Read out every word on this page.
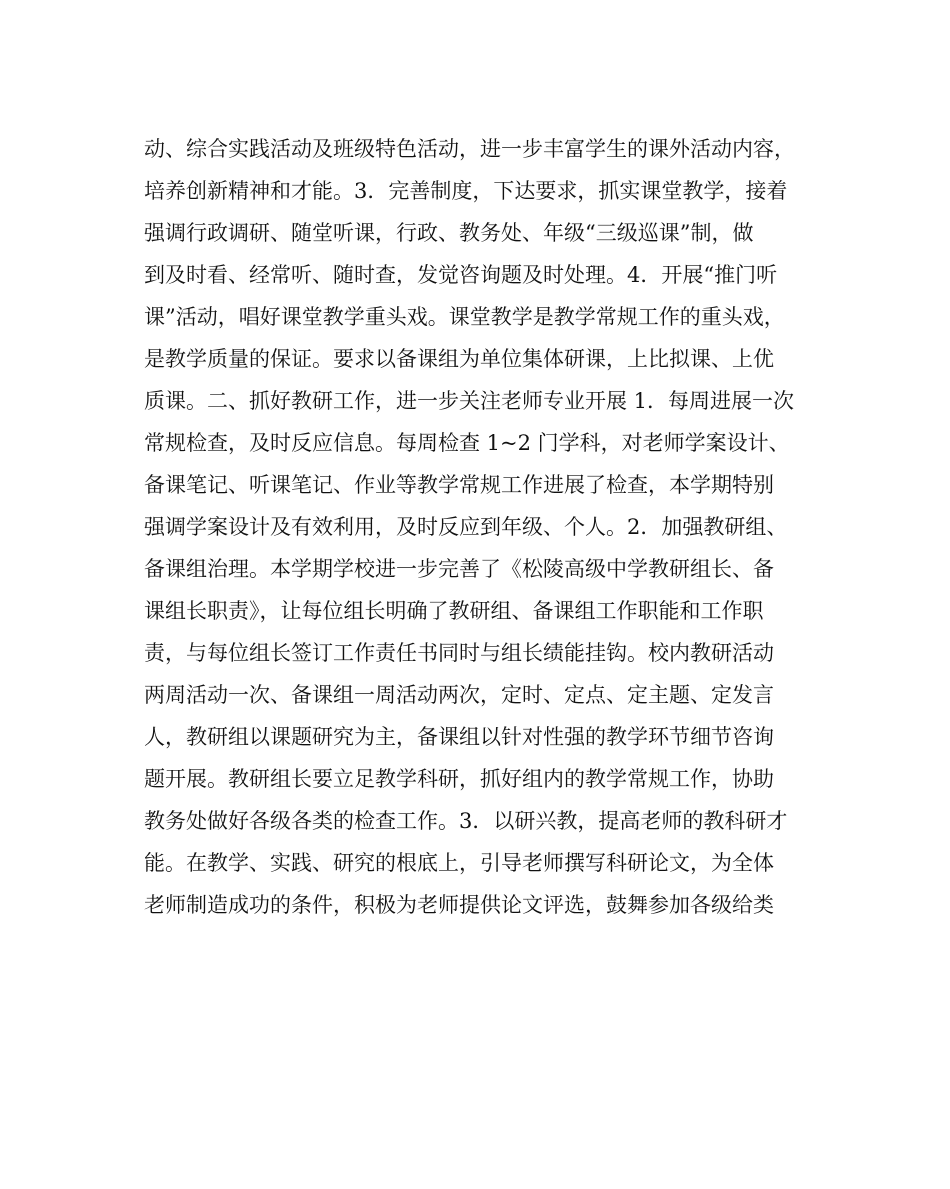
动、综合实践活动及班级特色活动，进一步丰富学生的课外活动内容，
培养创新精神和才能。3．完善制度，下达要求，抓实课堂教学，接着
强调行政调研、随堂听课，行政、教务处、年级“三级巡课”制，做
到及时看、经常听、随时查，发觉咨询题及时处理。4．开展“推门听
课”活动，唱好课堂教学重头戏。课堂教学是教学常规工作的重头戏，
是教学质量的保证。要求以备课组为单位集体研课，上比拟课、上优
质课。二、抓好教研工作，进一步关注老师专业开展 1．每周进展一次
常规检查，及时反应信息。每周检查 1~2 门学科，对老师学案设计、
备课笔记、听课笔记、作业等教学常规工作进展了检查，本学期特别
强调学案设计及有效利用，及时反应到年级、个人。2．加强教研组、
备课组治理。本学期学校进一步完善了《松陵高级中学教研组长、备
课组长职责》，让每位组长明确了教研组、备课组工作职能和工作职
责，与每位组长签订工作责任书同时与组长绩能挂钩。校内教研活动
两周活动一次、备课组一周活动两次，定时、定点、定主题、定发言
人，教研组以课题研究为主，备课组以针对性强的教学环节细节咨询
题开展。教研组长要立足教学科研，抓好组内的教学常规工作，协助
教务处做好各级各类的检查工作。3．以研兴教，提高老师的教科研才
能。在教学、实践、研究的根底上，引导老师撰写科研论文，为全体
老师制造成功的条件，积极为老师提供论文评选，鼓舞参加各级给类
